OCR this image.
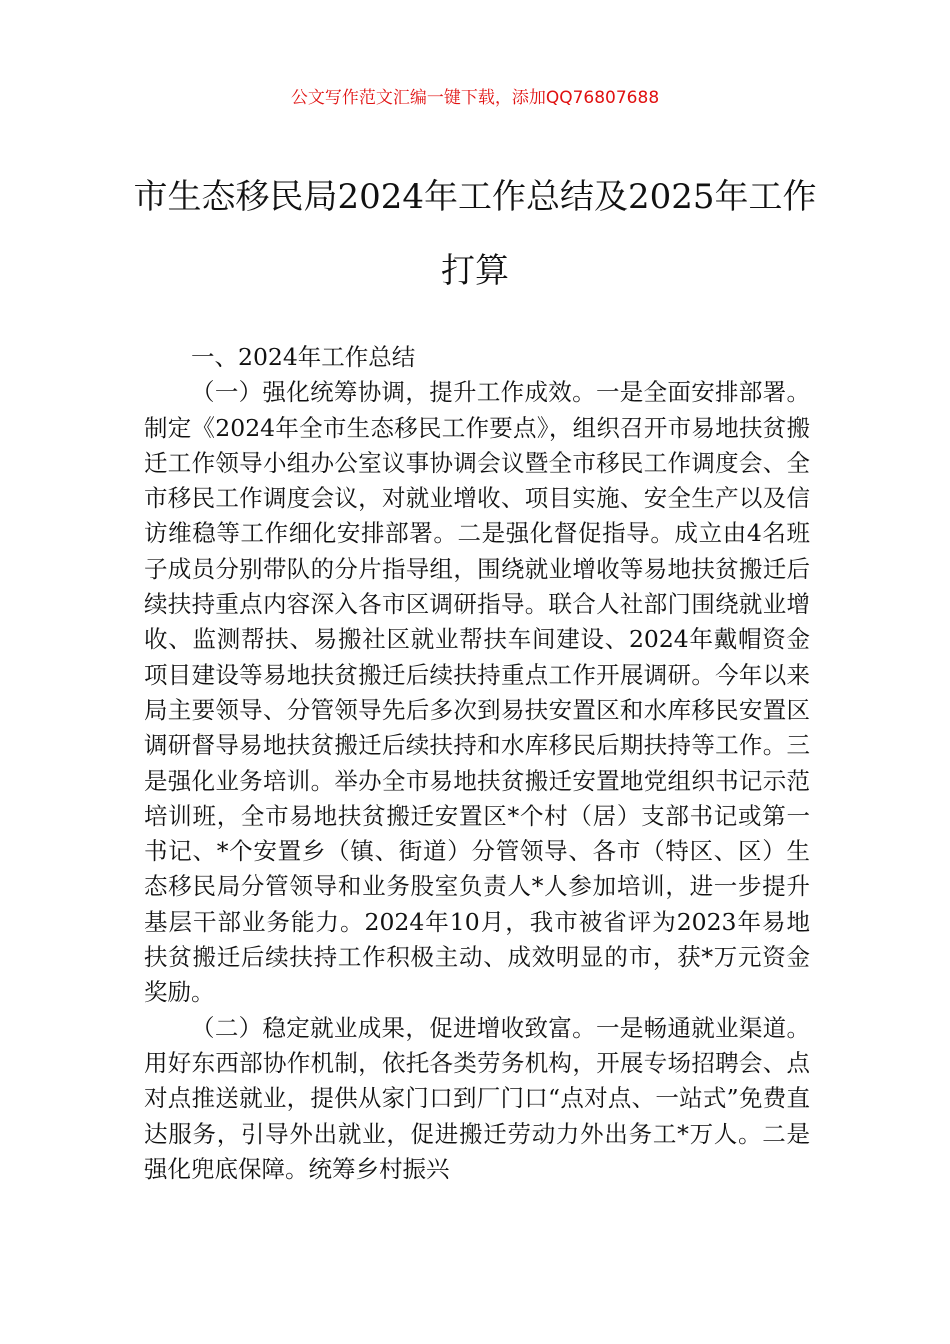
公文写作范文汇编一键下载，添加QQ76807688
市生态移民局2024年工作总结及2025年工作打算

一、2024年工作总结

（一）强化统筹协调，提升工作成效。一是全面安排部署。制定《2024年全市生态移民工作要点》，组织召开市易地扶贫搬迁工作领导小组办公室议事协调会议暨全市移民工作调度会、全市移民工作调度会议，对就业增收、项目实施、安全生产以及信访维稳等工作细化安排部署。二是强化督促指导。成立由4名班子成员分别带队的分片指导组，围绕就业增收等易地扶贫搬迁后续扶持重点内容深入各市区调研指导。联合人社部门围绕就业增收、监测帮扶、易搬社区就业帮扶车间建设、2024年戴帽资金项目建设等易地扶贫搬迁后续扶持重点工作开展调研。今年以来局主要领导、分管领导先后多次到易扶安置区和水库移民安置区调研督导易地扶贫搬迁后续扶持和水库移民后期扶持等工作。三是强化业务培训。举办全市易地扶贫搬迁安置地党组织书记示范培训班，全市易地扶贫搬迁安置区*个村（居）支部书记或第一书记、*个安置乡（镇、街道）分管领导、各市（特区、区）生态移民局分管领导和业务股室负责人*人参加培训，进一步提升基层干部业务能力。2024年10月，我市被省评为2023年易地扶贫搬迁后续扶持工作积极主动、成效明显的市，获*万元资金奖励。

（二）稳定就业成果，促进增收致富。一是畅通就业渠道。用好东西部协作机制，依托各类劳务机构，开展专场招聘会、点对点推送就业，提供从家门口到厂门口“点对点、一站式”免费直达服务，引导外出就业，促进搬迁劳动力外出务工*万人。二是强化兜底保障。统筹乡村振兴
